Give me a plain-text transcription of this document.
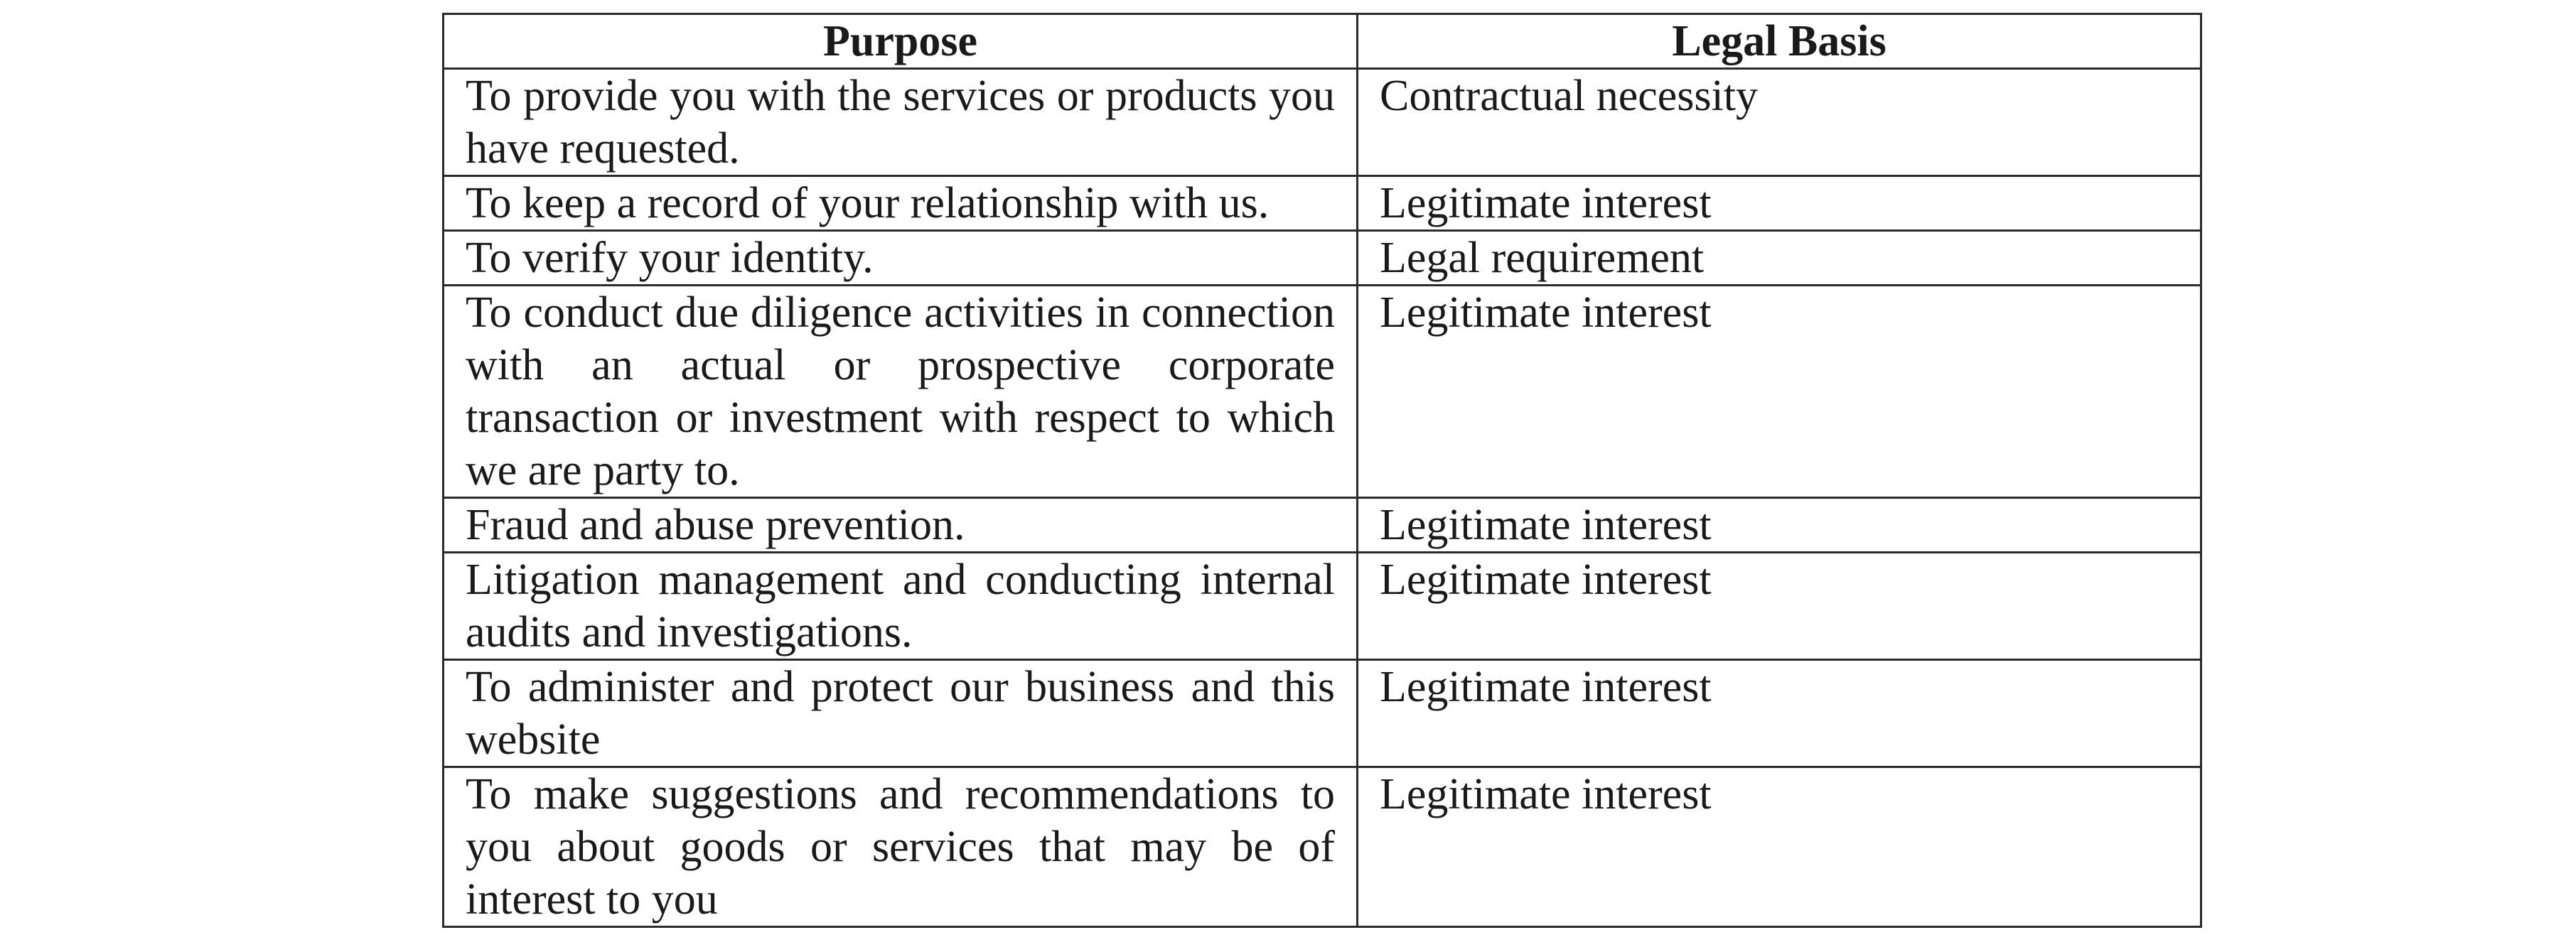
Purpose	Legal Basis
To provide you with the services or products you have requested.	Contractual necessity
To keep a record of your relationship with us.	Legitimate interest
To verify your identity.	Legal requirement
To conduct due diligence activities in connection with an actual or prospective corporate transaction or investment with respect to which we are party to.	Legitimate interest
Fraud and abuse prevention.	Legitimate interest
Litigation management and conducting internal audits and investigations.	Legitimate interest
To administer and protect our business and this website	Legitimate interest
To make suggestions and recommendations to you about goods or services that may be of interest to you	Legitimate interest
